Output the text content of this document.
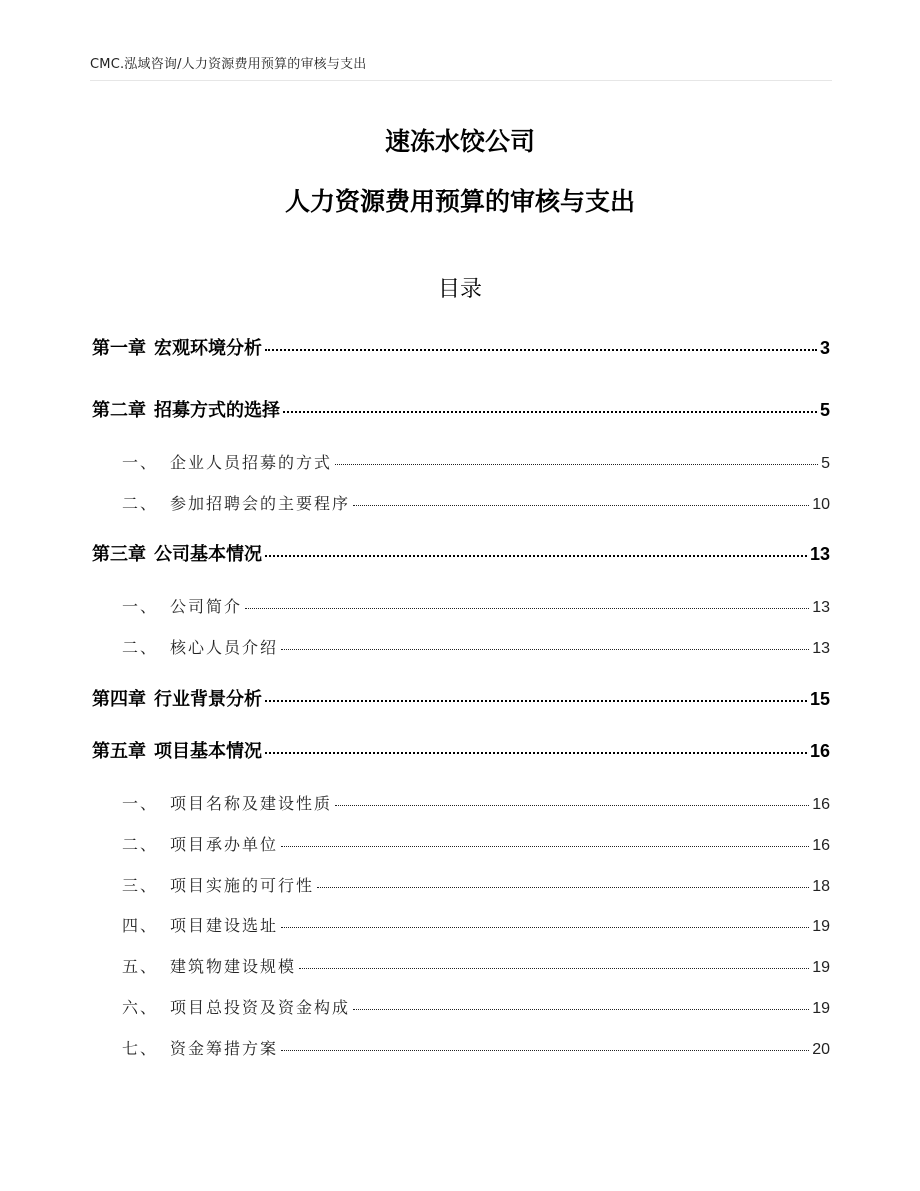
CMC.泓域咨询/人力资源费用预算的审核与支出
速冻水饺公司
人力资源费用预算的审核与支出
目录
第一章 宏观环境分析	3
第二章 招募方式的选择	5
一、 企业人员招募的方式	5
二、 参加招聘会的主要程序	10
第三章 公司基本情况	13
一、 公司简介	13
二、 核心人员介绍	13
第四章 行业背景分析	15
第五章 项目基本情况	16
一、 项目名称及建设性质	16
二、 项目承办单位	16
三、 项目实施的可行性	18
四、 项目建设选址	19
五、 建筑物建设规模	19
六、 项目总投资及资金构成	19
七、 资金筹措方案	20
